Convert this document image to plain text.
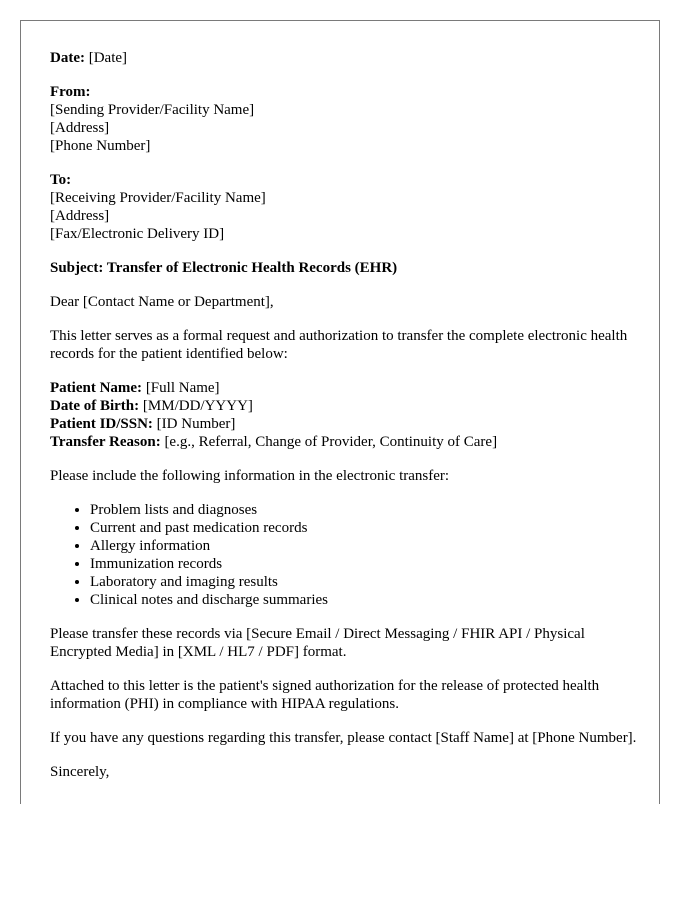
Date: [Date]

From:
[Sending Provider/Facility Name]
[Address]
[Phone Number]
To:
[Receiving Provider/Facility Name]
[Address]
[Fax/Electronic Delivery ID]

Subject: Transfer of Electronic Health Records (EHR)

Dear [Contact Name or Department],

This letter serves as a formal request and authorization to transfer the complete electronic health records for the patient identified below:

Patient Name: [Full Name]
Date of Birth: [MM/DD/YYYY]
Patient ID/SSN: [ID Number]
Transfer Reason: [e.g., Referral, Change of Provider, Continuity of Care]

Please include the following information in the electronic transfer:

• Problem lists and diagnoses
• Current and past medication records
• Allergy information
• Immunization records
• Laboratory and imaging results
• Clinical notes and discharge summaries

Please transfer these records via [Secure Email / Direct Messaging / FHIR API / Physical Encrypted Media] in [XML / HL7 / PDF] format.

Attached to this letter is the patient's signed authorization for the release of protected health information (PHI) in compliance with HIPAA regulations.

If you have any questions regarding this transfer, please contact [Staff Name] at [Phone Number].

Sincerely,
